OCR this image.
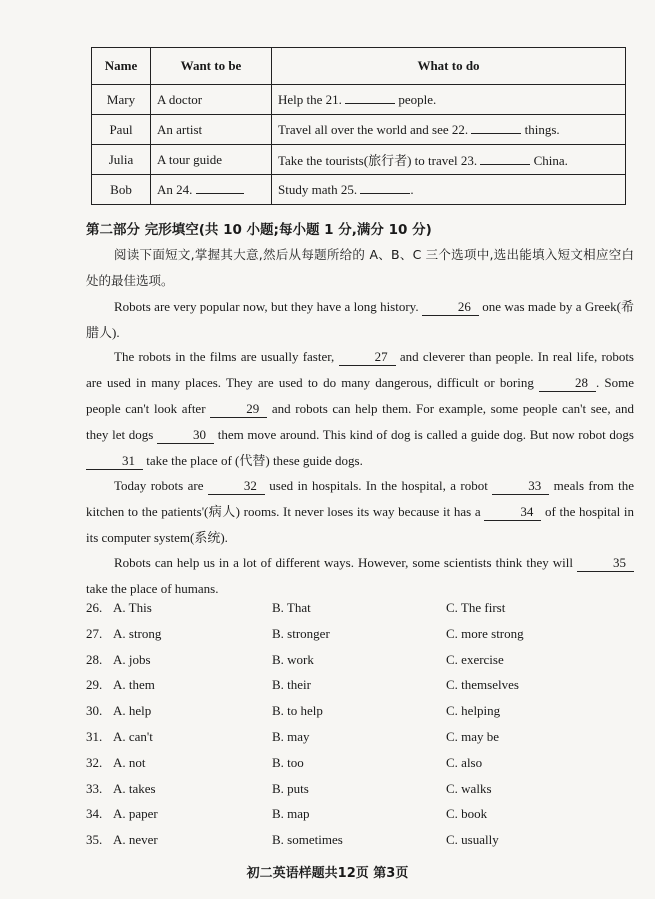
Name	Want to be	What to do
Mary	A doctor	Help the 21. people.
Paul	An artist	Travel all over the world and see 22. things.
Julia	A tour guide	Take the tourists(旅行者) to travel 23. China.
Bob	An 24.	Study math 25. .
第二部分 完形填空(共 10 小题;每小题 1 分,满分 10 分)
阅读下面短文,掌握其大意,然后从每题所给的 A、B、C 三个选项中,选出能填入短文相应空白处的最佳选项。
Robots are very popular now, but they have a long history.	26 one was made by a Greek(希腊人).
The robots in the films are usually faster,	27 and cleverer than people. In real life, robots are used in many places. They are used to do many dangerous, difficult or boring	28 . Some people can't look after	29 and robots can help them. For example, some people can't see, and they let dogs	30 them move around. This kind of dog is called a guide dog. But now robot dogs 31 take the place of (代替) these guide dogs.
Today robots are	32 used in hospitals. In the hospital, a robot	33 meals from the kitchen to the patients'(病人) rooms. It never loses its way because it has a	34 of the hospital in its computer system(系统).
Robots can help us in a lot of different ways. However, some scientists think they will	35 take the place of humans.
26. A. This	B. That	C. The first
27. A. strong	B. stronger	C. more strong
28. A. jobs	B. work	C. exercise
29. A. them	B. their	C. themselves
30. A. help	B. to help	C. helping
31. A. can't	B. may	C. may be
32. A. not	B. too	C. also
33. A. takes	B. puts	C. walks
34. A. paper	B. map	C. book
35. A. never	B. sometimes	C. usually
初二英语样题共12页 第3页
